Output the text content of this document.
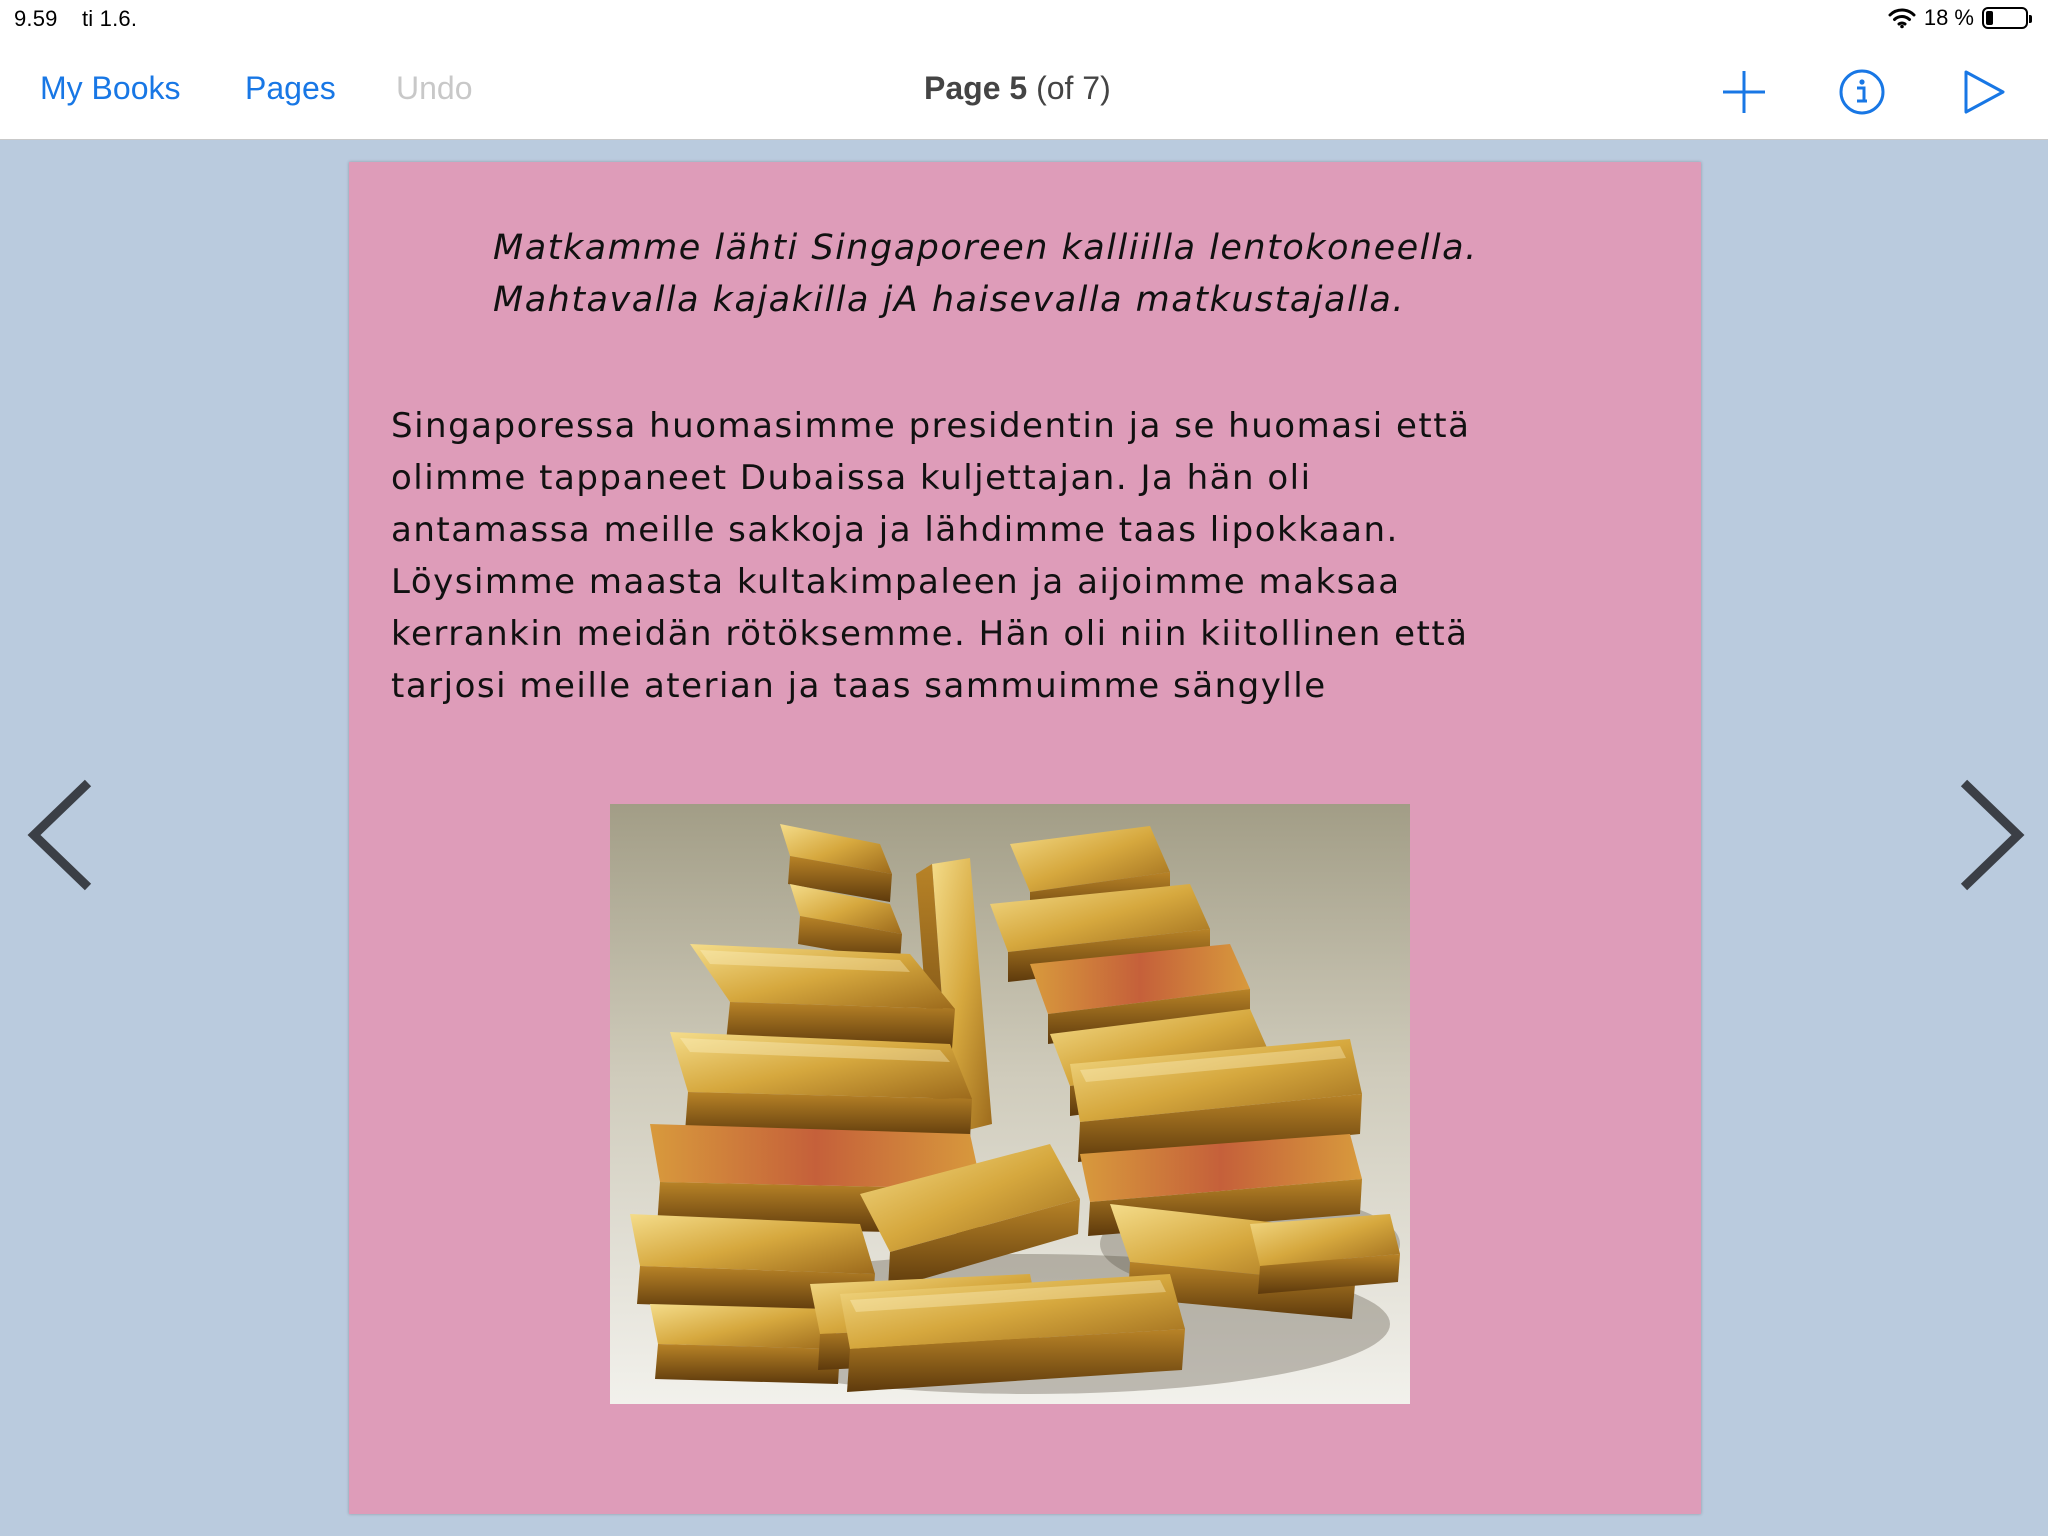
9.59 ti 1.6.	18 %
My Books Pages Undo	Page 5 (of 7)
Matkamme lähti Singaporeen kalliilla lentokoneella.
Mahtavalla kajakilla jA haisevalla matkustajalla.
Singaporessa huomasimme presidentin ja se huomasi että
olimme tappaneet Dubaissa kuljettajan. Ja hän oli
antamassa meille sakkoja ja lähdimme taas lipokkaan.
Löysimme maasta kultakimpaleen ja aijoimme maksaa
kerrankin meidän rötöksemme. Hän oli niin kiitollinen että
tarjosi meille aterian ja taas sammuimme sängylle
